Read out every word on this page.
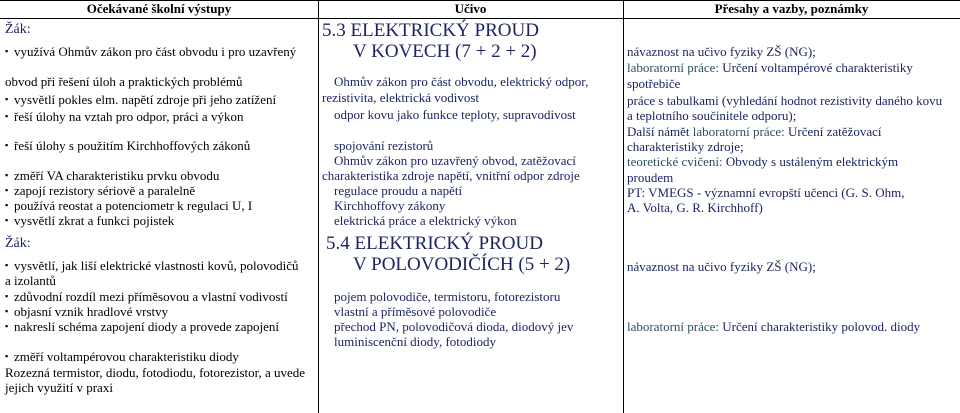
Očekávané školní výstupy	Učivo	Přesahy a vazby, poznámky
Žák:
▪ využívá Ohmův zákon pro část obvodu i pro uzavřený
obvod při řešení úloh a praktických problémů
▪ vysvětlí pokles elm. napětí zdroje při jeho zatížení
▪ řeší úlohy na vztah pro odpor, práci a výkon
▪ řeší úlohy s použitím Kirchhoffových zákonů
▪ změří VA charakteristiku prvku obvodu
▪ zapojí rezistory sériově a paralelně
▪ používá reostat a potenciometr k regulaci U, I
▪ vysvětlí zkrat a funkci pojistek
5.3 ELEKTRICKÝ PROUD
V KOVECH (7 + 2 + 2)
Ohmův zákon pro část obvodu, elektrický odpor,
rezistivita, elektrická vodivost
odpor kovu jako funkce teploty, supravodivost
spojování rezistorů
Ohmův zákon pro uzavřený obvod, zatěžovací
charakteristika zdroje napětí, vnitřní odpor zdroje
regulace proudu a napětí
Kirchhoffovy zákony
elektrická práce a elektrický výkon
návaznost na učivo fyziky ZŠ (NG);
laboratorní práce: Určení voltampérové charakteristiky
spotřebiče
práce s tabulkami (vyhledání hodnot rezistivity daného kovu
a teplotního součinitele odporu);
Další námět laboratorní práce: Určení zatěžovací
charakteristiky zdroje;
teoretické cvičení: Obvody s ustáleným elektrickým
proudem
PT: VMEGS - významní evropští učenci (G. S. Ohm,
A. Volta, G. R. Kirchhoff)
Žák:
▪ vysvětlí, jak liší elektrické vlastnosti kovů, polovodičů
a izolantů
▪ zdůvodní rozdíl mezi příměsovou a vlastní vodivostí
▪ objasní vznik hradlové vrstvy
▪ nakreslí schéma zapojení diody a provede zapojení
▪ změří voltampérovou charakteristiku diody
Rozezná termistor, diodu, fotodiodu, fotorezistor, a uvede
jejich využití v praxi
5.4 ELEKTRICKÝ PROUD
V POLOVODIČÍCH (5 + 2)
pojem polovodiče, termistoru, fotorezistoru
vlastní a příměsové polovodiče
přechod PN, polovodičová dioda, diodový jev
luminiscenční diody, fotodiody
návaznost na učivo fyziky ZŠ (NG);
laboratorní práce: Určení charakteristiky polovod. diody
